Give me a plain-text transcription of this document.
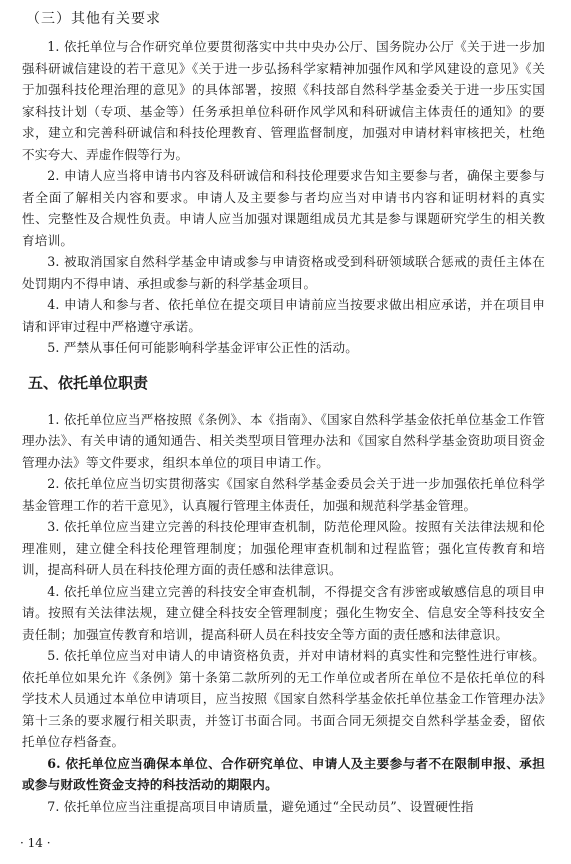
（三）其他有关要求

1. 依托单位与合作研究单位要贯彻落实中共中央办公厅、国务院办公厅《关于进一步加强科研诚信建设的若干意见》《关于进一步弘扬科学家精神加强作风和学风建设的意见》《关于加强科技伦理治理的意见》的具体部署，按照《科技部自然科学基金委关于进一步压实国家科技计划（专项、基金等）任务承担单位科研作风学风和科研诚信主体责任的通知》的要求，建立和完善科研诚信和科技伦理教育、管理监督制度，加强对申请材料审核把关，杜绝不实夸大、弄虚作假等行为。

2. 申请人应当将申请书内容及科研诚信和科技伦理要求告知主要参与者，确保主要参与者全面了解相关内容和要求。申请人及主要参与者均应当对申请书内容和证明材料的真实性、完整性及合规性负责。申请人应当加强对课题组成员尤其是参与课题研究学生的相关教育培训。

3. 被取消国家自然科学基金申请或参与申请资格或受到科研领域联合惩戒的责任主体在处罚期内不得申请、承担或参与新的科学基金项目。

4. 申请人和参与者、依托单位在提交项目申请前应当按要求做出相应承诺，并在项目申请和评审过程中严格遵守承诺。

5. 严禁从事任何可能影响科学基金评审公正性的活动。

五、依托单位职责

1. 依托单位应当严格按照《条例》、本《指南》、《国家自然科学基金依托单位基金工作管理办法》、有关申请的通知通告、相关类型项目管理办法和《国家自然科学基金资助项目资金管理办法》等文件要求，组织本单位的项目申请工作。

2. 依托单位应当切实贯彻落实《国家自然科学基金委员会关于进一步加强依托单位科学基金管理工作的若干意见》，认真履行管理主体责任，加强和规范科学基金管理。

3. 依托单位应当建立完善的科技伦理审查机制，防范伦理风险。按照有关法律法规和伦理准则，建立健全科技伦理管理制度；加强伦理审查机制和过程监管；强化宣传教育和培训，提高科研人员在科技伦理方面的责任感和法律意识。

4. 依托单位应当建立完善的科技安全审查机制，不得提交含有涉密或敏感信息的项目申请。按照有关法律法规，建立健全科技安全管理制度；强化生物安全、信息安全等科技安全责任制；加强宣传教育和培训，提高科研人员在科技安全等方面的责任感和法律意识。

5. 依托单位应当对申请人的申请资格负责，并对申请材料的真实性和完整性进行审核。依托单位如果允许《条例》第十条第二款所列的无工作单位或者所在单位不是依托单位的科学技术人员通过本单位申请项目，应当按照《国家自然科学基金依托单位基金工作管理办法》第十三条的要求履行相关职责，并签订书面合同。书面合同无须提交自然科学基金委，留依托单位存档备查。

6. 依托单位应当确保本单位、合作研究单位、申请人及主要参与者不在限制申报、承担或参与财政性资金支持的科技活动的期限内。

7. 依托单位应当注重提高项目申请质量，避免通过“全民动员”、设置硬性指

· 14 ·
